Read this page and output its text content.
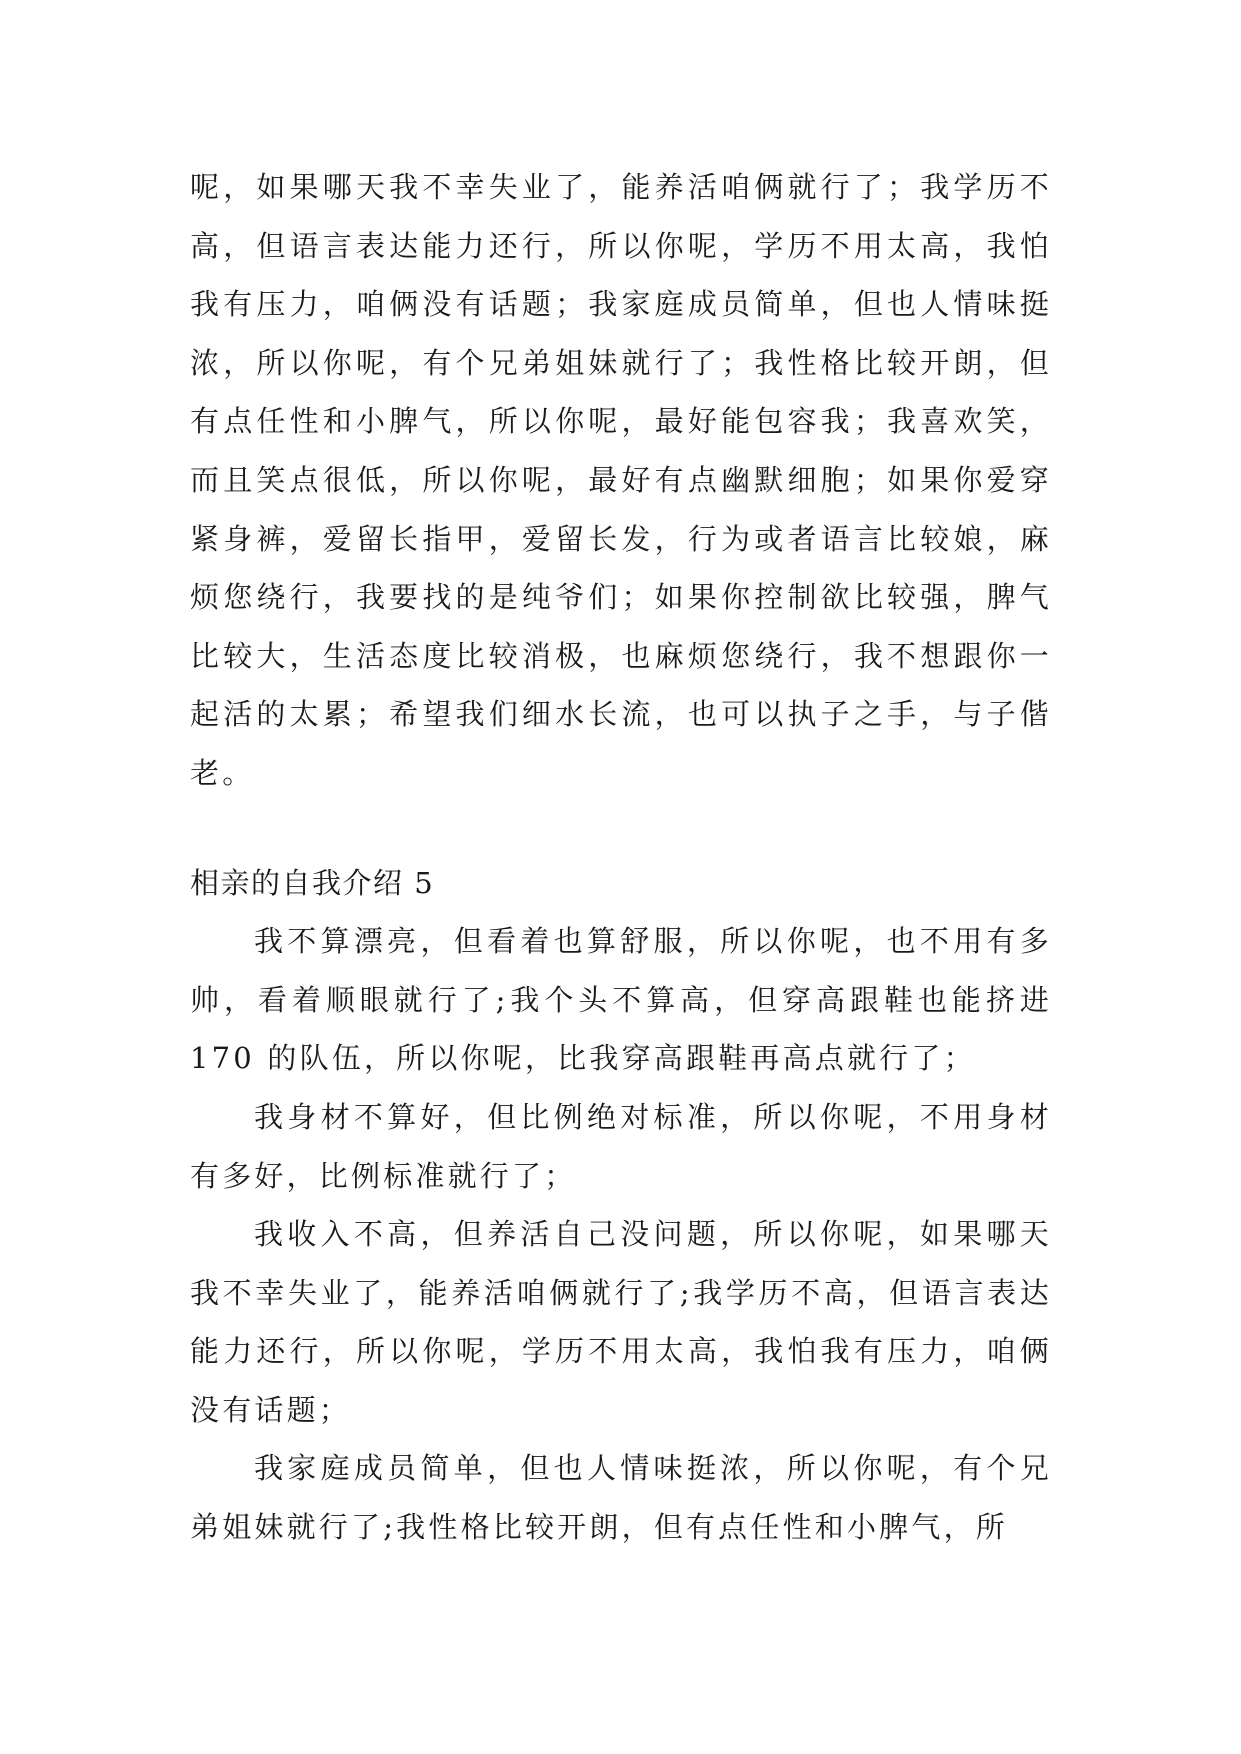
呢，如果哪天我不幸失业了，能养活咱俩就行了；我学历不高，但语言表达能力还行，所以你呢，学历不用太高，我怕我有压力，咱俩没有话题；我家庭成员简单，但也人情味挺浓，所以你呢，有个兄弟姐妹就行了；我性格比较开朗，但有点任性和小脾气，所以你呢，最好能包容我；我喜欢笑，而且笑点很低，所以你呢，最好有点幽默细胞；如果你爱穿紧身裤，爱留长指甲，爱留长发，行为或者语言比较娘，麻烦您绕行，我要找的是纯爷们；如果你控制欲比较强，脾气比较大，生活态度比较消极，也麻烦您绕行，我不想跟你一起活的太累；希望我们细水长流，也可以执子之手，与子偕老。

相亲的自我介绍 5

我不算漂亮，但看着也算舒服，所以你呢，也不用有多帅，看着顺眼就行了;我个头不算高，但穿高跟鞋也能挤进 170 的队伍，所以你呢，比我穿高跟鞋再高点就行了；

我身材不算好，但比例绝对标准，所以你呢，不用身材有多好，比例标准就行了；

我收入不高，但养活自己没问题，所以你呢，如果哪天我不幸失业了，能养活咱俩就行了;我学历不高，但语言表达能力还行，所以你呢，学历不用太高，我怕我有压力，咱俩没有话题；

我家庭成员简单，但也人情味挺浓，所以你呢，有个兄弟姐妹就行了;我性格比较开朗，但有点任性和小脾气，所
